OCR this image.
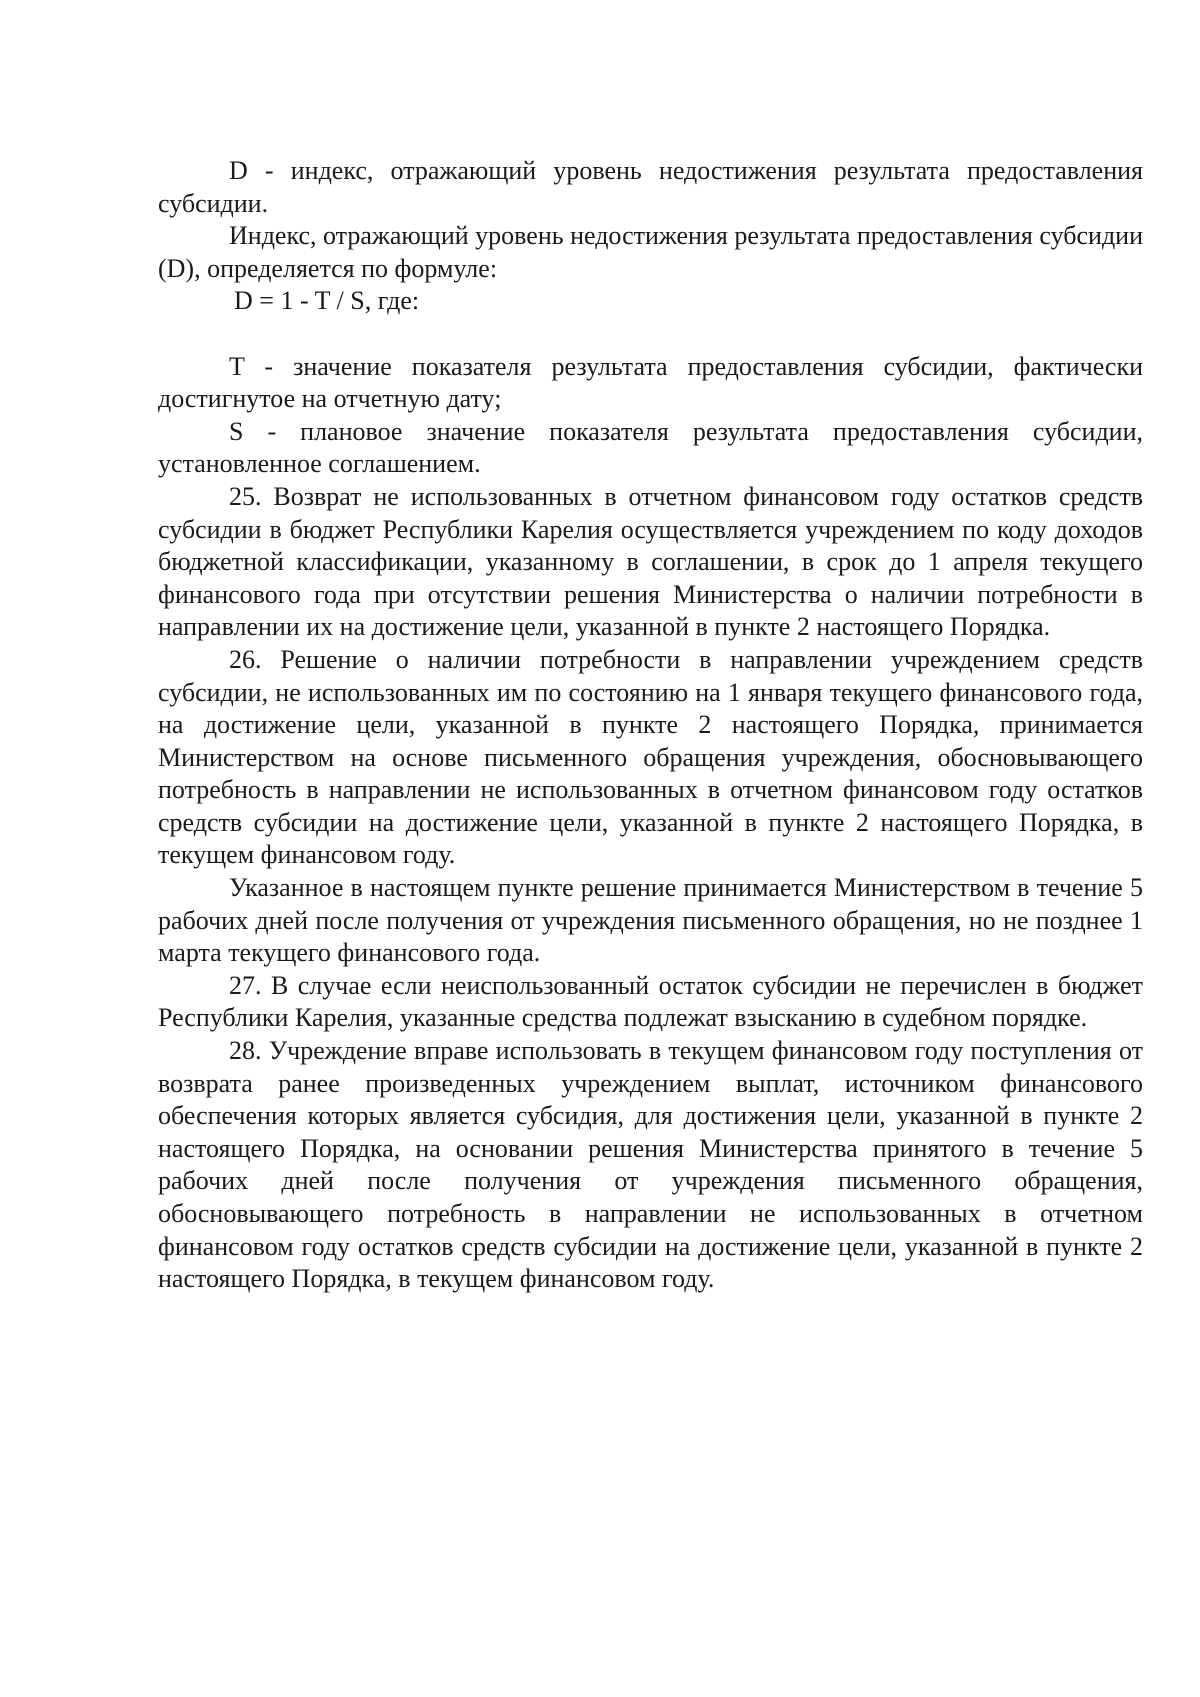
D - индекс, отражающий уровень недостижения результата предоставления субсидии.

Индекс, отражающий уровень недостижения результата предоставления субсидии (D), определяется по формуле:

D = 1 - T / S, где:

T - значение показателя результата предоставления субсидии, фактически достигнутое на отчетную дату;

S - плановое значение показателя результата предоставления субсидии, установленное соглашением.

25. Возврат не использованных в отчетном финансовом году остатков средств субсидии в бюджет Республики Карелия осуществляется учреждением по коду доходов бюджетной классификации, указанному в соглашении, в срок до 1 апреля текущего финансового года при отсутствии решения Министерства о наличии потребности в направлении их на достижение цели, указанной в пункте 2 настоящего Порядка.

26. Решение о наличии потребности в направлении учреждением средств субсидии, не использованных им по состоянию на 1 января текущего финансового года, на достижение цели, указанной в пункте 2 настоящего Порядка, принимается Министерством на основе письменного обращения учреждения, обосновывающего потребность в направлении не использованных в отчетном финансовом году остатков средств субсидии на достижение цели, указанной в пункте 2 настоящего Порядка, в текущем финансовом году.

Указанное в настоящем пункте решение принимается Министерством в течение 5 рабочих дней после получения от учреждения письменного обращения, но не позднее 1 марта текущего финансового года.

27. В случае если неиспользованный остаток субсидии не перечислен в бюджет Республики Карелия, указанные средства подлежат взысканию в судебном порядке.

28. Учреждение вправе использовать в текущем финансовом году поступления от возврата ранее произведенных учреждением выплат, источником финансового обеспечения которых является субсидия, для достижения цели, указанной в пункте 2 настоящего Порядка, на основании решения Министерства принятого в течение 5 рабочих дней после получения от учреждения письменного обращения, обосновывающего потребность в направлении не использованных в отчетном финансовом году остатков средств субсидии на достижение цели, указанной в пункте 2 настоящего Порядка, в текущем финансовом году.
